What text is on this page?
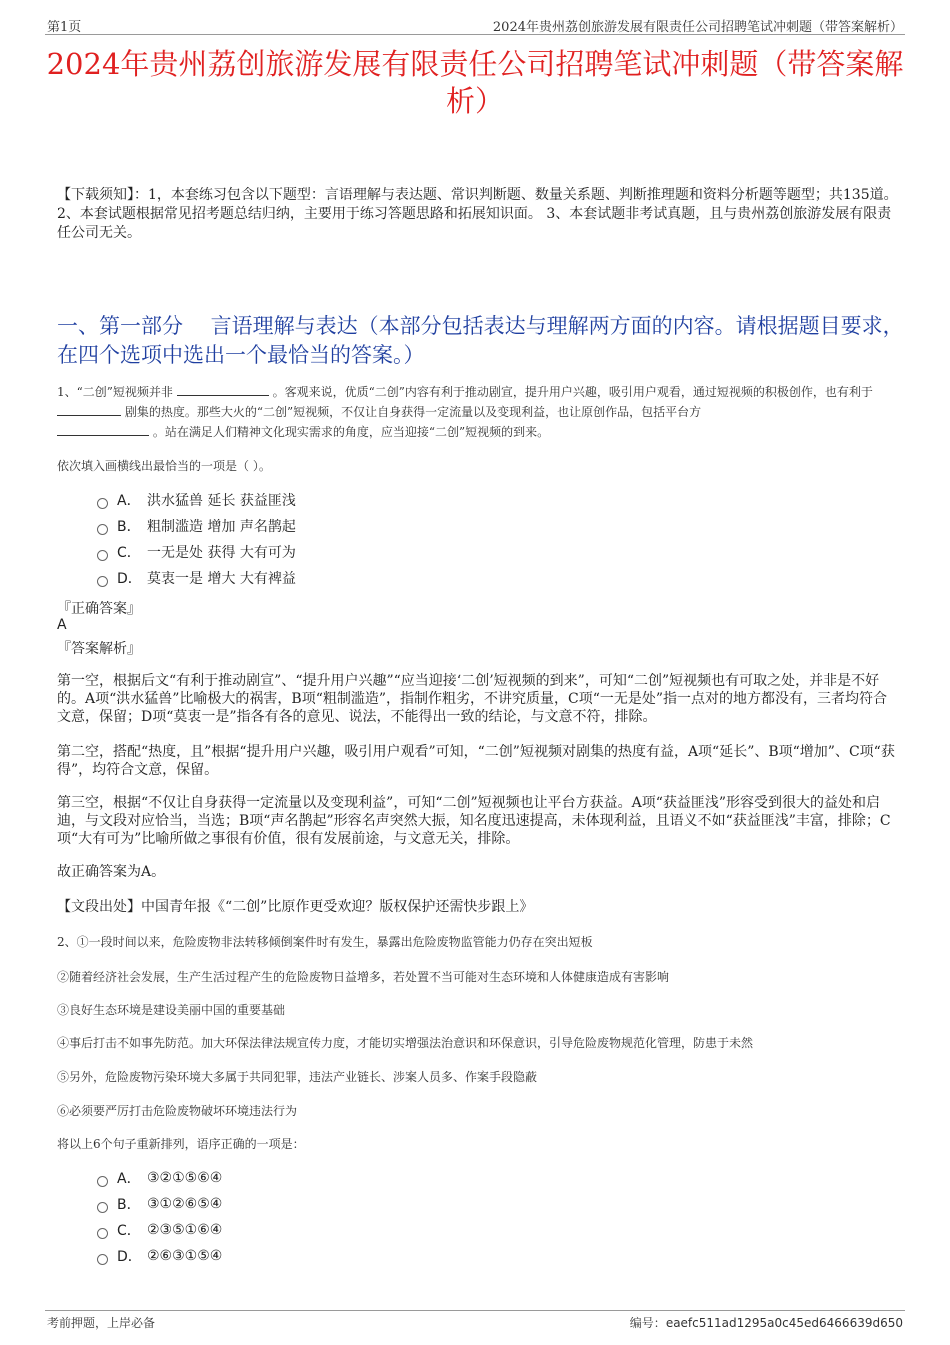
第1页	2024年贵州荔创旅游发展有限责任公司招聘笔试冲刺题（带答案解析）
2024年贵州荔创旅游发展有限责任公司招聘笔试冲刺题（带答案解析）
【下载须知】：1，本套练习包含以下题型：言语理解与表达题、常识判断题、数量关系题、判断推理题和资料分析题等题型；共135道。 2、本套试题根据常见招考题总结归纳，主要用于练习答题思路和拓展知识面。 3、本套试题非考试真题，且与贵州荔创旅游发展有限责任公司无关。
一、第一部分　 言语理解与表达（本部分包括表达与理解两方面的内容。请根据题目要求，在四个选项中选出一个最恰当的答案。）
1、“二创”短视频并非	。客观来说，优质“二创”内容有利于推动剧宣，提升用户兴趣，吸引用户观看，通过短视频的积极创作，也有利于  剧集的热度。那些大火的“二创”短视频，不仅让自身获得一定流量以及变现利益，也让原创作品，包括平台方
。站在满足人们精神文化现实需求的角度，应当迎接“二创”短视频的到来。
依次填入画横线出最恰当的一项是（ ）。
A． 洪水猛兽 延长 获益匪浅
B． 粗制滥造 增加 声名鹊起
C． 一无是处 获得 大有可为
D． 莫衷一是 增大 大有裨益
『正确答案』
A
『答案解析』
第一空，根据后文“有利于推动剧宣”、“提升用户兴趣”“应当迎接‘二创’短视频的到来”，可知“二创”短视频也有可取之处，并非是不好的。A项“洪水猛兽”比喻极大的祸害，B项“粗制滥造”，指制作粗劣，不讲究质量，C项“一无是处”指一点对的地方都没有，三者均符合文意，保留；D项“莫衷一是”指各有各的意见、说法，不能得出一致的结论，与文意不符，排除。
第二空，搭配“热度，且”根据“提升用户兴趣，吸引用户观看”可知，“二创”短视频对剧集的热度有益，A项“延长”、B项“增加”、C项“获得”，均符合文意，保留。
第三空，根据“不仅让自身获得一定流量以及变现利益”，可知“二创”短视频也让平台方获益。A项“获益匪浅”形容受到很大的益处和启迪，与文段对应恰当，当选；B项“声名鹊起”形容名声突然大振，知名度迅速提高，未体现利益，且语义不如“获益匪浅”丰富，排除；C项“大有可为”比喻所做之事很有价值，很有发展前途，与文意无关，排除。
故正确答案为A。
【文段出处】中国青年报《“二创”比原作更受欢迎？版权保护还需快步跟上》
2、①一段时间以来，危险废物非法转移倾倒案件时有发生，暴露出危险废物监管能力仍存在突出短板
②随着经济社会发展，生产生活过程产生的危险废物日益增多，若处置不当可能对生态环境和人体健康造成有害影响
③良好生态环境是建设美丽中国的重要基础
④事后打击不如事先防范。加大环保法律法规宣传力度，才能切实增强法治意识和环保意识，引导危险废物规范化管理，防患于未然
⑤另外，危险废物污染环境大多属于共同犯罪，违法产业链长、涉案人员多、作案手段隐蔽
⑥必须要严厉打击危险废物破坏环境违法行为
将以上6个句子重新排列，语序正确的一项是：
A． ③②①⑤⑥④
B． ③①②⑥⑤④
C． ②③⑤①⑥④
D． ②⑥③①⑤④
考前押题，上岸必备	编号：eaefc511ad1295a0c45ed6466639d650
